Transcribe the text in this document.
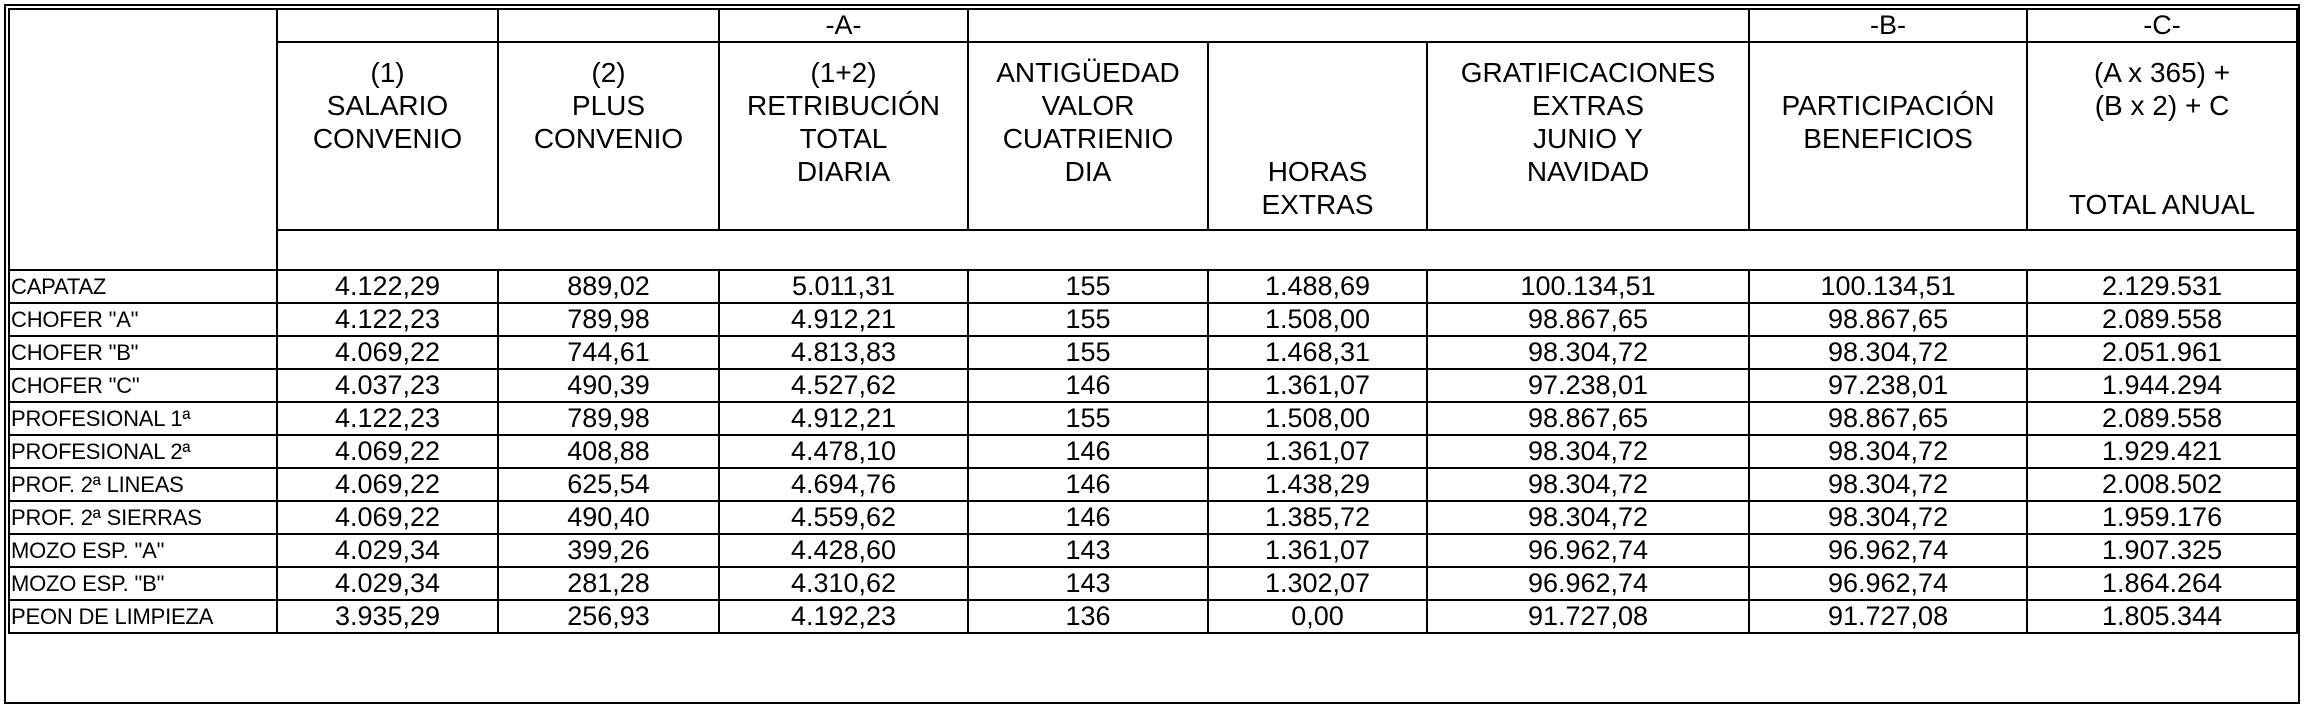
			-A-				-B-	-C-	

	(1)
SALARIO
CONVENIO	(2)
PLUS
CONVENIO	(1+2)
RETRIBUCIÓN
TOTAL
DIARIA	ANTIGÜEDAD
VALOR
CUATRIENIO
DIA	HORAS
EXTRAS	GRATIFICACIONES
EXTRAS
JUNIO Y
NAVIDAD	PARTICIPACIÓN
BENEFICIOS	(A x 365) +
(B x 2) + C

TOTAL ANUAL	

CAPATAZ	4.122,29	889,02	5.011,31	155	1.488,69	100.134,51	100.134,51	2.129.531	
CHOFER "A"	4.122,23	789,98	4.912,21	155	1.508,00	98.867,65	98.867,65	2.089.558	
CHOFER "B"	4.069,22	744,61	4.813,83	155	1.468,31	98.304,72	98.304,72	2.051.961	
CHOFER "C"	4.037,23	490,39	4.527,62	146	1.361,07	97.238,01	97.238,01	1.944.294	
PROFESIONAL 1ª	4.122,23	789,98	4.912,21	155	1.508,00	98.867,65	98.867,65	2.089.558	
PROFESIONAL 2ª	4.069,22	408,88	4.478,10	146	1.361,07	98.304,72	98.304,72	1.929.421	
PROF. 2ª LINEAS	4.069,22	625,54	4.694,76	146	1.438,29	98.304,72	98.304,72	2.008.502	
PROF. 2ª SIERRAS	4.069,22	490,40	4.559,62	146	1.385,72	98.304,72	98.304,72	1.959.176	
MOZO ESP. "A"	4.029,34	399,26	4.428,60	143	1.361,07	96.962,74	96.962,74	1.907.325	
MOZO ESP. "B"	4.029,34	281,28	4.310,62	143	1.302,07	96.962,74	96.962,74	1.864.264	
PEON DE LIMPIEZA	3.935,29	256,93	4.192,23	136	0,00	91.727,08	91.727,08	1.805.344	
